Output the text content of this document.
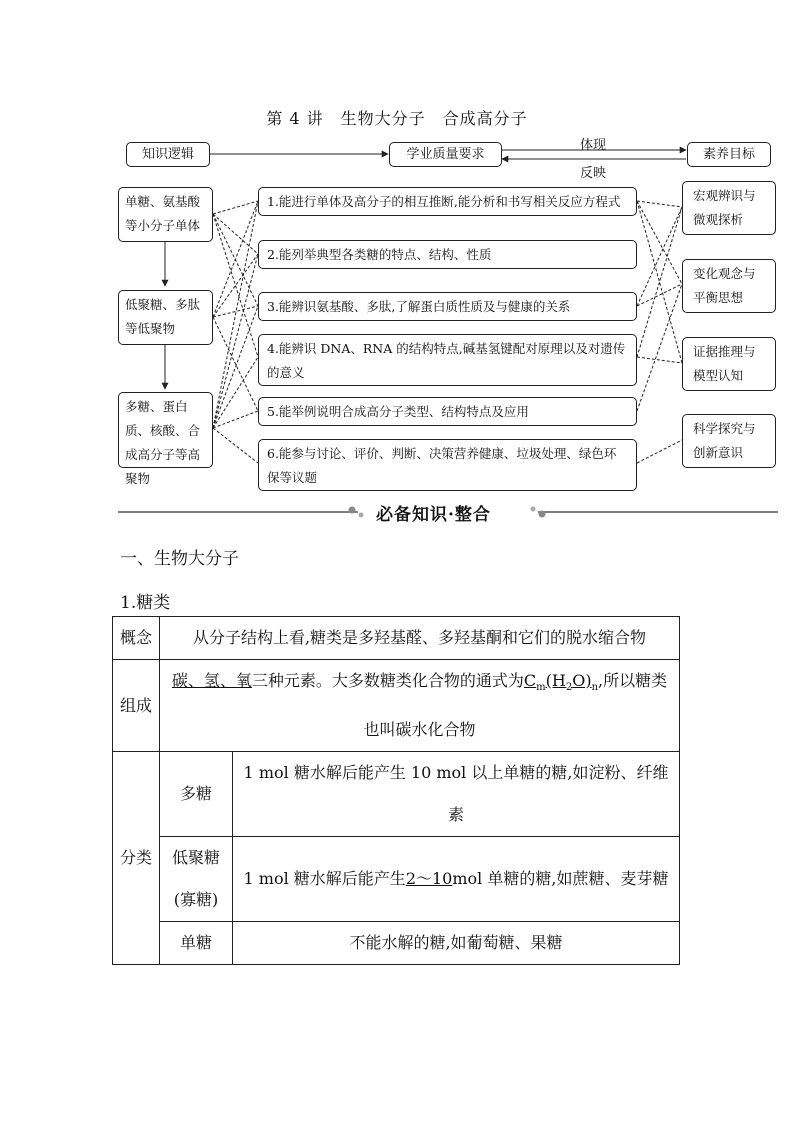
第 4 讲　生物大分子　合成高分子
知识逻辑	学业质量要求	素养目标
体现
反映
单糖、氨基酸等小分子单体
低聚糖、多肽等低聚物
多糖、蛋白质、核酸、合成高分子等高聚物
1.能进行单体及高分子的相互推断,能分析和书写相关反应方程式
2.能列举典型各类糖的特点、结构、性质
3.能辨识氨基酸、多肽,了解蛋白质性质及与健康的关系
4.能辨识 DNA、RNA 的结构特点,碱基氢键配对原理以及对遗传的意义
5.能举例说明合成高分子类型、结构特点及应用
6.能参与讨论、评价、判断、决策营养健康、垃圾处理、绿色环保等议题
宏观辨识与微观探析
变化观念与平衡思想
证据推理与模型认知
科学探究与创新意识
必备知识·整合
一、生物大分子
1.糖类
概念	从分子结构上看,糖类是多羟基醛、多羟基酮和它们的脱水缩合物	
组成	碳、氢、氧三种元素。大多数糖类化合物的通式为$C_m(H_2O)_n$,所以糖类也叫碳水化合物	
分类	多糖	1 mol 糖水解后能产生 10 mol 以上单糖的糖,如淀粉、纤维素
	低聚糖(寡糖)	1 mol 糖水解后能产生2～10mol 单糖的糖,如蔗糖、麦芽糖
	单糖	不能水解的糖,如葡萄糖、果糖
